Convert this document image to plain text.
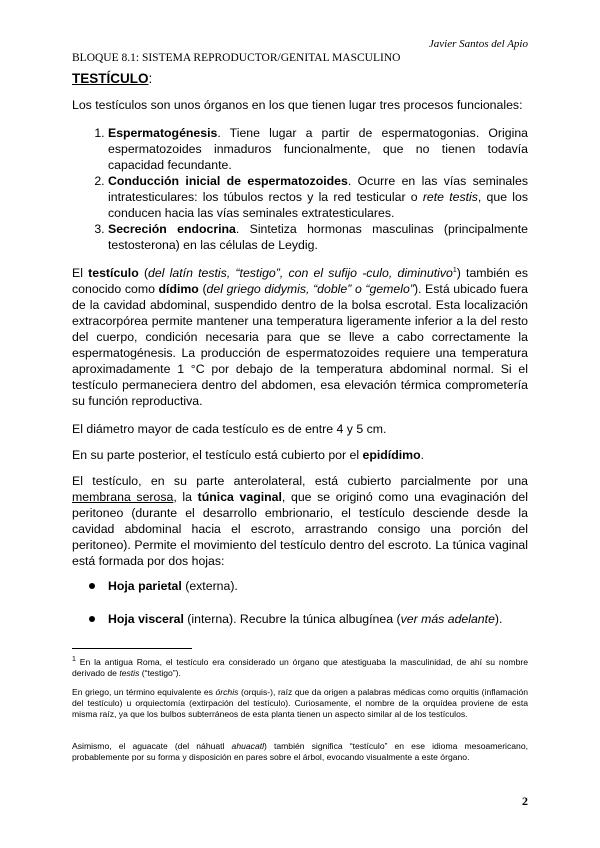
Javier Santos del Apio
BLOQUE 8.1: SISTEMA REPRODUCTOR/GENITAL MASCULINO
TESTÍCULO:
Los testículos son unos órganos en los que tienen lugar tres procesos funcionales:
1. Espermatogénesis. Tiene lugar a partir de espermatogonias. Origina espermatozoides inmaduros funcionalmente, que no tienen todavía capacidad fecundante.
2. Conducción inicial de espermatozoides. Ocurre en las vías seminales intratesticulares: los túbulos rectos y la red testicular o rete testis, que los conducen hacia las vías seminales extratesticulares.
3. Secreción endocrina. Sintetiza hormonas masculinas (principalmente testosterona) en las células de Leydig.
El testículo (del latín testis, “testigo”, con el sufijo -culo, diminutivo$^1$) también es conocido como dídimo (del griego didymis, “doble” o “gemelo”). Está ubicado fuera de la cavidad abdominal, suspendido dentro de la bolsa escrotal. Esta localización extracorpórea permite mantener una temperatura ligeramente inferior a la del resto del cuerpo, condición necesaria para que se lleve a cabo correctamente la espermatogénesis. La producción de espermatozoides requiere una temperatura aproximadamente 1 °C por debajo de la temperatura abdominal normal. Si el testículo permaneciera dentro del abdomen, esa elevación térmica comprometería su función reproductiva.
El diámetro mayor de cada testículo es de entre 4 y 5 cm.
En su parte posterior, el testículo está cubierto por el epidídimo.
El testículo, en su parte anterolateral, está cubierto parcialmente por una membrana serosa, la túnica vaginal, que se originó como una evaginación del peritoneo (durante el desarrollo embrionario, el testículo desciende desde la cavidad abdominal hacia el escroto, arrastrando consigo una porción del peritoneo). Permite el movimiento del testículo dentro del escroto. La túnica vaginal está formada por dos hojas:
Hoja parietal (externa).
Hoja visceral (interna). Recubre la túnica albugínea (ver más adelante).
$^1$ En la antigua Roma, el testículo era considerado un órgano que atestiguaba la masculinidad, de ahí su nombre derivado de testis (“testigo”).
En griego, un término equivalente es órchis (orquis-), raíz que da origen a palabras médicas como orquitis (inflamación del testículo) u orquiectomía (extirpación del testículo). Curiosamente, el nombre de la orquídea proviene de esta misma raíz, ya que los bulbos subterráneos de esta planta tienen un aspecto similar al de los testículos.
Asimismo, el aguacate (del náhuatl ahuacatl) también significa “testículo” en ese idioma mesoamericano, probablemente por su forma y disposición en pares sobre el árbol, evocando visualmente a este órgano.
2
